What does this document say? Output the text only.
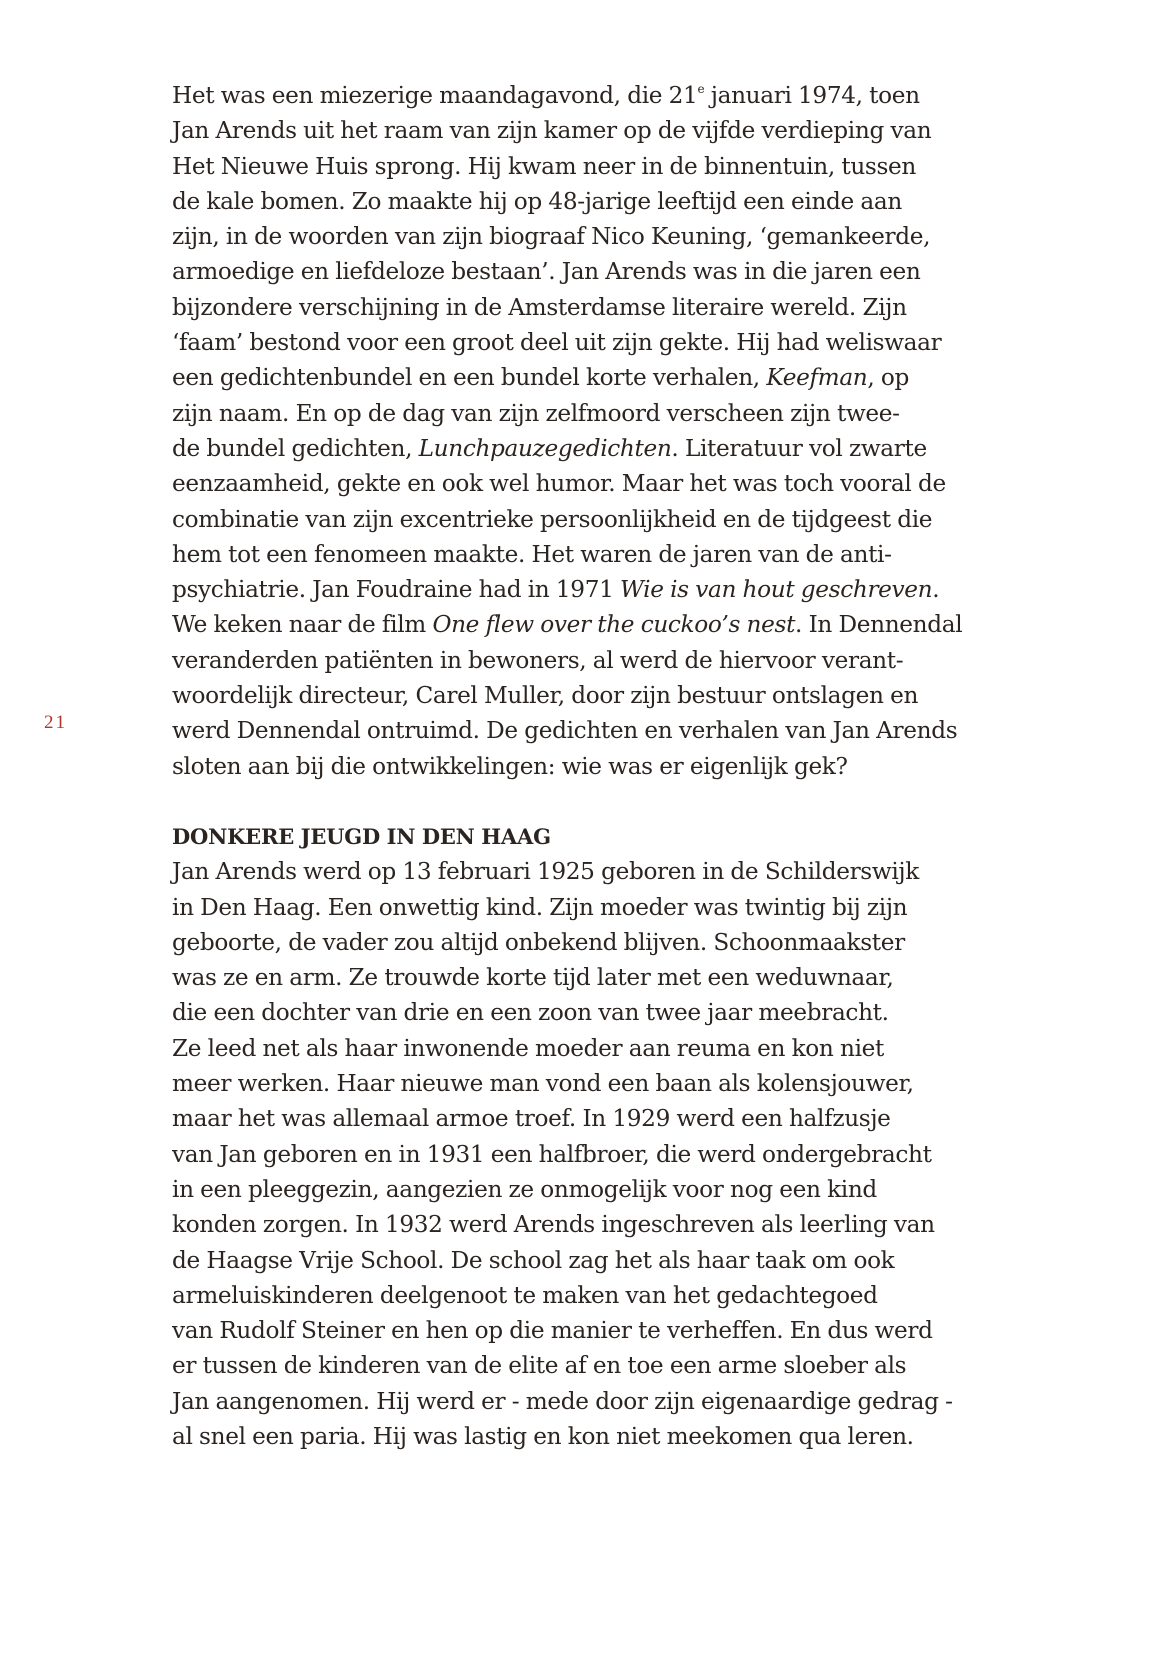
21
Het was een miezerige maandagavond, die 21e januari 1974, toen
Jan Arends uit het raam van zijn kamer op de vijfde verdieping van
Het Nieuwe Huis sprong. Hij kwam neer in de binnentuin, tussen
de kale bomen. Zo maakte hij op 48-jarige leeftijd een einde aan
zijn, in de woorden van zijn biograaf Nico Keuning, ‘gemankeerde,
armoedige en liefdeloze bestaan’. Jan Arends was in die jaren een
bijzondere verschijning in de Amsterdamse literaire wereld. Zijn
‘faam’ bestond voor een groot deel uit zijn gekte. Hij had weliswaar
een gedichtenbundel en een bundel korte verhalen, Keefman, op
zijn naam. En op de dag van zijn zelfmoord verscheen zijn twee-
de bundel gedichten, Lunchpauzegedichten. Literatuur vol zwarte
eenzaamheid, gekte en ook wel humor. Maar het was toch vooral de
combinatie van zijn excentrieke persoonlijkheid en de tijdgeest die
hem tot een fenomeen maakte. Het waren de jaren van de anti-
psychiatrie. Jan Foudraine had in 1971 Wie is van hout geschreven.
We keken naar de film One flew over the cuckoo’s nest. In Dennendal
veranderden patiënten in bewoners, al werd de hiervoor verant-
woordelijk directeur, Carel Muller, door zijn bestuur ontslagen en
werd Dennendal ontruimd. De gedichten en verhalen van Jan Arends
sloten aan bij die ontwikkelingen: wie was er eigenlijk gek?
DONKERE JEUGD IN DEN HAAG
Jan Arends werd op 13 februari 1925 geboren in de Schilderswijk
in Den Haag. Een onwettig kind. Zijn moeder was twintig bij zijn
geboorte, de vader zou altijd onbekend blijven. Schoonmaakster
was ze en arm. Ze trouwde korte tijd later met een weduwnaar,
die een dochter van drie en een zoon van twee jaar meebracht.
Ze leed net als haar inwonende moeder aan reuma en kon niet
meer werken. Haar nieuwe man vond een baan als kolensjouwer,
maar het was allemaal armoe troef. In 1929 werd een halfzusje
van Jan geboren en in 1931 een halfbroer, die werd ondergebracht
in een pleeggezin, aangezien ze onmogelijk voor nog een kind
konden zorgen. In 1932 werd Arends ingeschreven als leerling van
de Haagse Vrije School. De school zag het als haar taak om ook
armeluiskinderen deelgenoot te maken van het gedachtegoed
van Rudolf Steiner en hen op die manier te verheffen. En dus werd
er tussen de kinderen van de elite af en toe een arme sloeber als
Jan aangenomen. Hij werd er - mede door zijn eigenaardige gedrag -
al snel een paria. Hij was lastig en kon niet meekomen qua leren.
